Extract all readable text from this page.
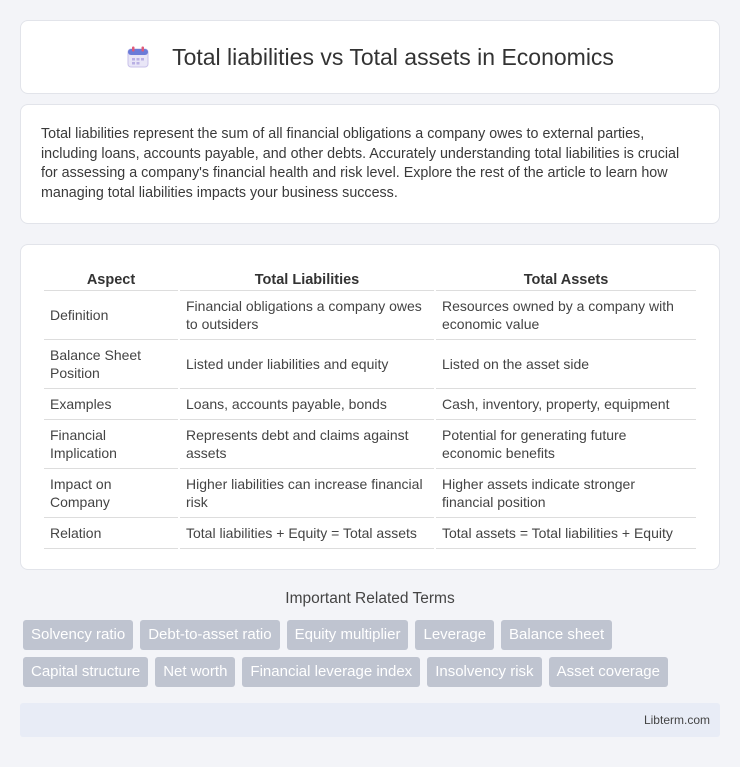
Total liabilities vs Total assets in Economics

Total liabilities represent the sum of all financial obligations a company owes to external parties, including loans, accounts payable, and other debts. Accurately understanding total liabilities is crucial for assessing a company's financial health and risk level. Explore the rest of the article to learn how managing total liabilities impacts your business success.

Aspect	Total Liabilities	Total Assets
Definition	Financial obligations a company owes to outsiders	Resources owned by a company with economic value
Balance Sheet Position	Listed under liabilities and equity	Listed on the asset side
Examples	Loans, accounts payable, bonds	Cash, inventory, property, equipment
Financial Implication	Represents debt and claims against assets	Potential for generating future economic benefits
Impact on Company	Higher liabilities can increase financial risk	Higher assets indicate stronger financial position
Relation	Total liabilities + Equity = Total assets	Total assets = Total liabilities + Equity
Important Related Terms
Solvency ratio	Debt-to-asset ratio	Equity multiplier	Leverage	Balance sheet
Capital structure	Net worth	Financial leverage index	Insolvency risk	Asset coverage
Libterm.com
